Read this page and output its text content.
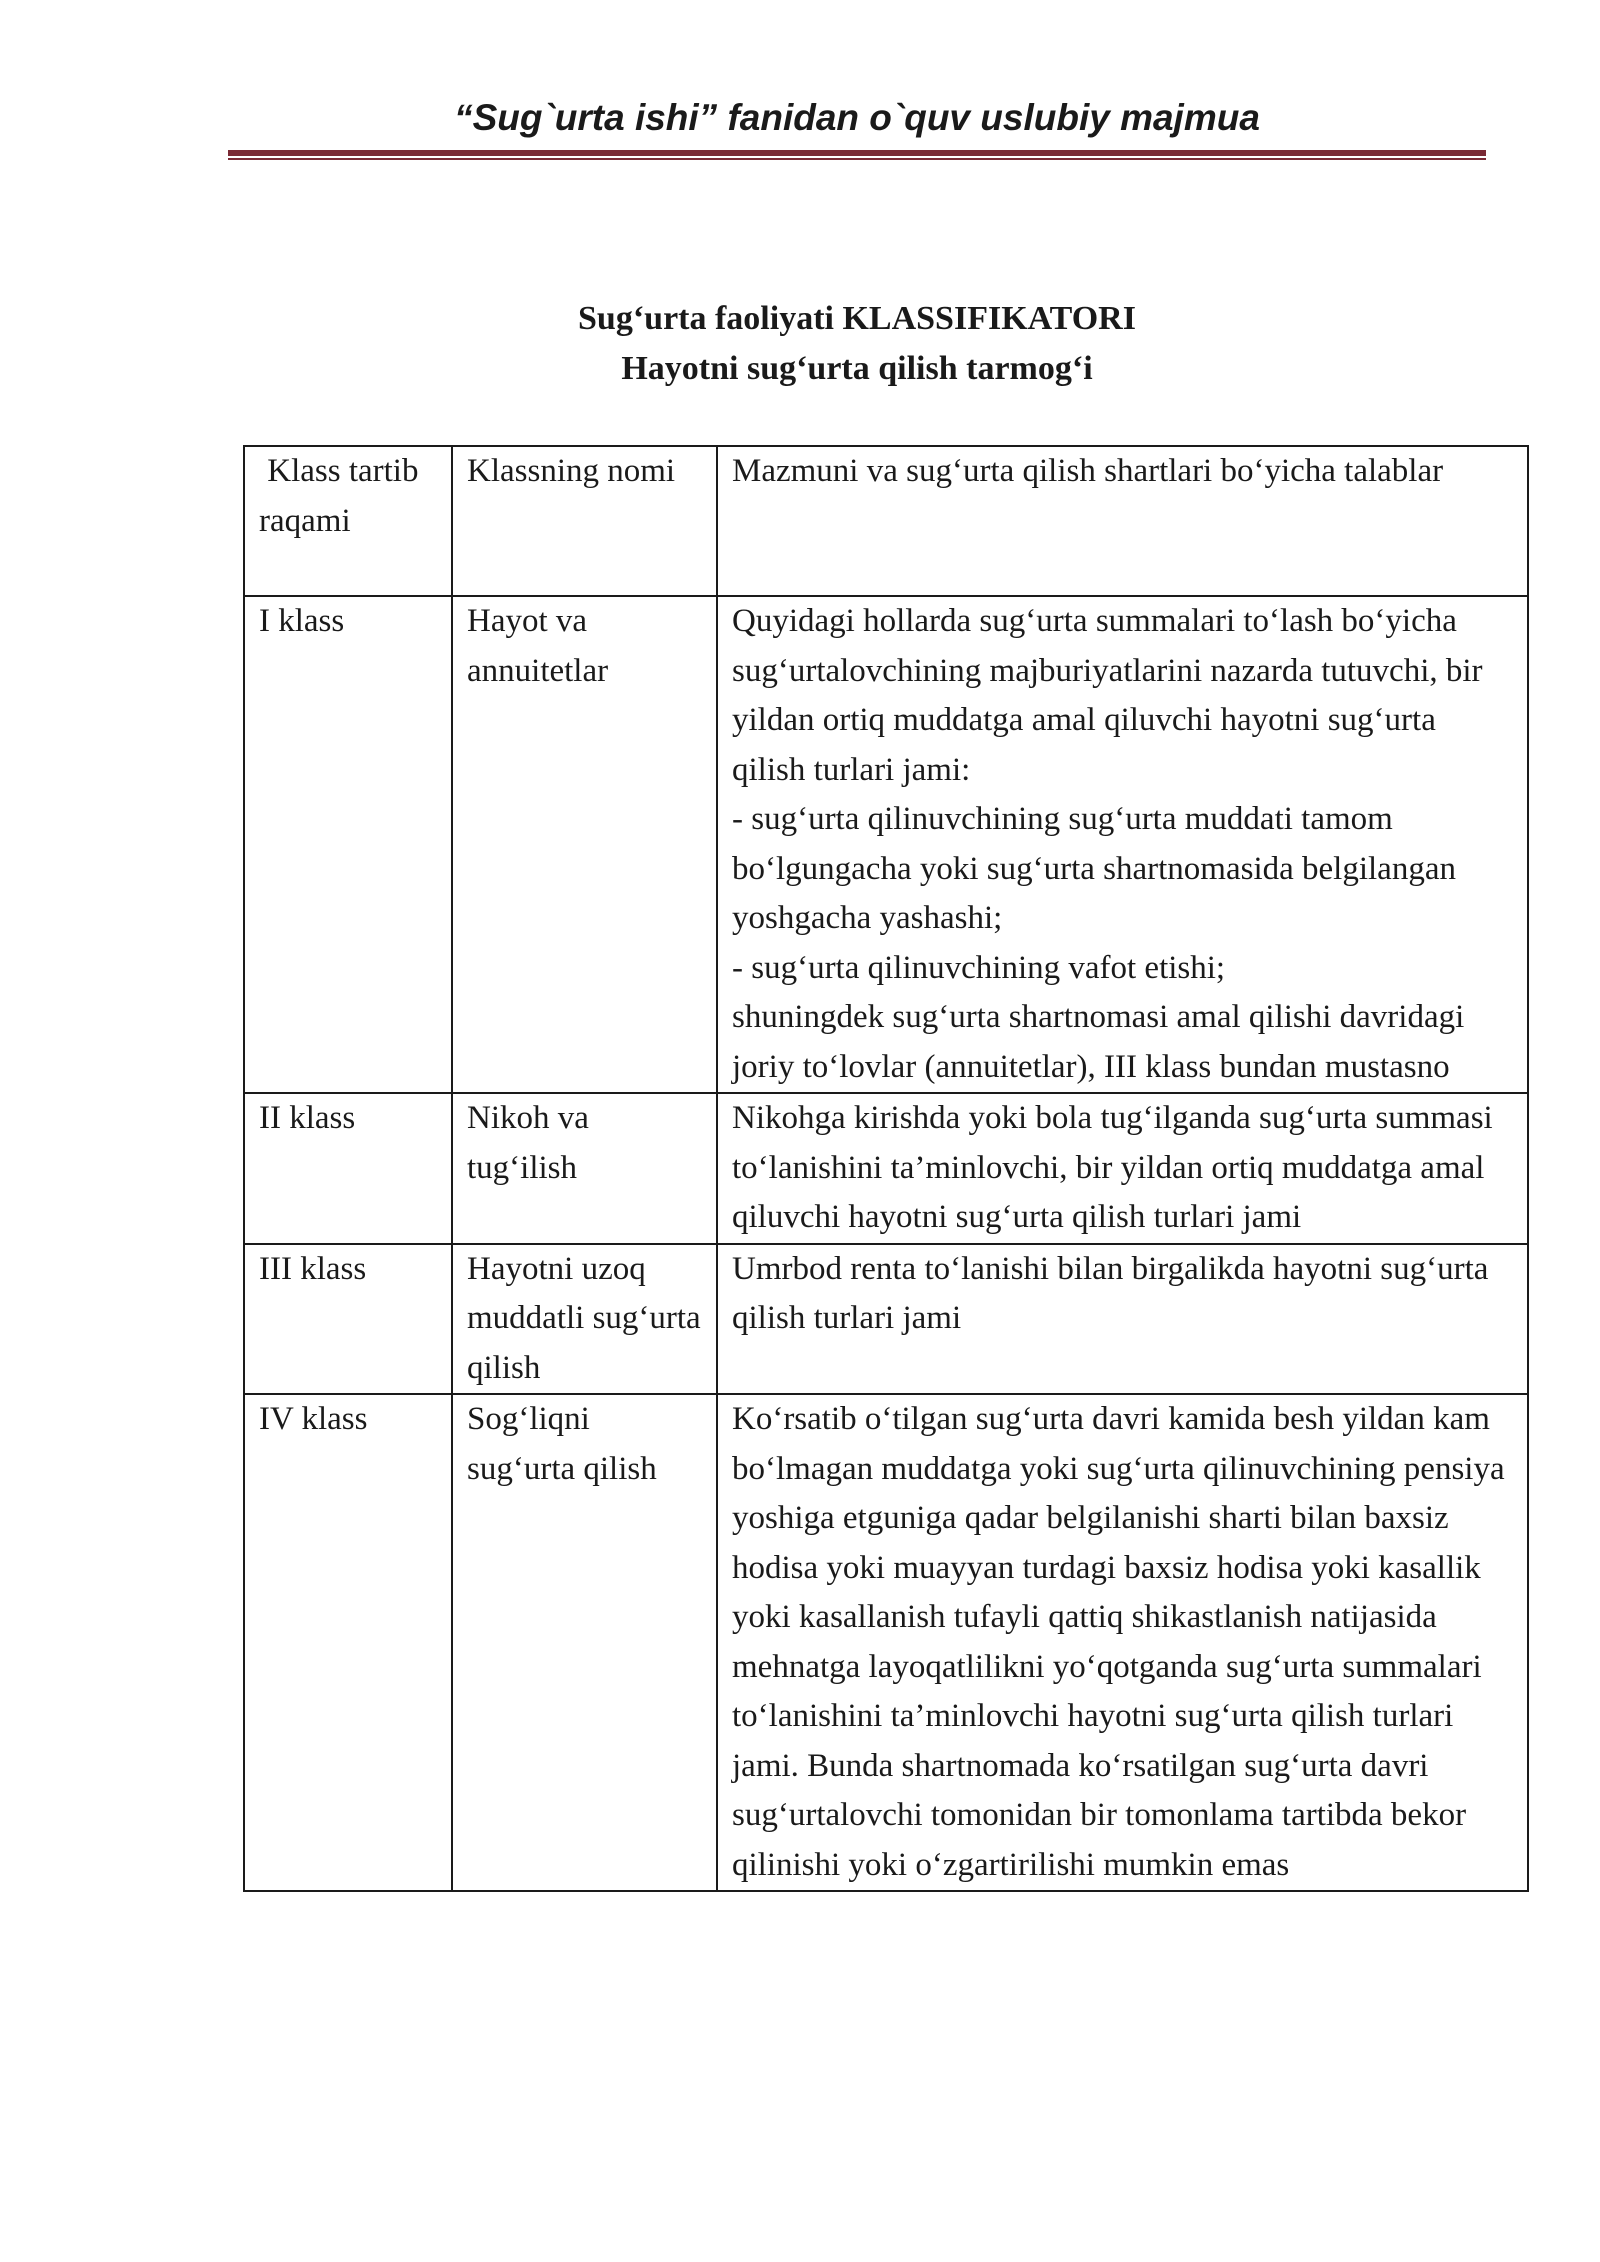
“Sug`urta ishi” fanidan o`quv uslubiy majmua
Sug‘urta faoliyati KLASSIFIKATORI
Hayotni sug‘urta qilish tarmog‘i
Klass tartib raqami	Klassning nomi	Mazmuni va sug‘urta qilish shartlari bo‘yicha talablar
I klass	Hayot va annuitetlar	Quyidagi hollarda sug‘urta summalari to‘lash bo‘yicha sug‘urtalovchining majburiyatlarini nazarda tutuvchi, bir yildan ortiq muddatga amal qiluvchi hayotni sug‘urta qilish turlari jami:
- sug‘urta qilinuvchining sug‘urta muddati tamom bo‘lgungacha yoki sug‘urta shartnomasida belgilangan yoshgacha yashashi;
- sug‘urta qilinuvchining vafot etishi;
shuningdek sug‘urta shartnomasi amal qilishi davridagi joriy to‘lovlar (annuitetlar), III klass bundan mustasno

II klass	Nikoh va tug‘ilish	Nikohga kirishda yoki bola tug‘ilganda sug‘urta summasi to‘lanishini ta’minlovchi, bir yildan ortiq muddatga amal qiluvchi hayotni sug‘urta qilish turlari jami

III klass	Hayotni uzoq muddatli sug‘urta qilish	Umrbod renta to‘lanishi bilan birgalikda hayotni sug‘urta qilish turlari jami

IV klass	Sog‘liqni sug‘urta qilish	Ko‘rsatib o‘tilgan sug‘urta davri kamida besh yildan kam bo‘lmagan muddatga yoki sug‘urta qilinuvchining pensiya yoshiga etguniga qadar belgilanishi sharti bilan baxsiz hodisa yoki muayyan turdagi baxsiz hodisa yoki kasallik yoki kasallanish tufayli qattiq shikastlanish natijasida mehnatga layoqatlilikni yo‘qotganda sug‘urta summalari to‘lanishini ta’minlovchi hayotni sug‘urta qilish turlari jami. Bunda shartnomada ko‘rsatilgan sug‘urta davri sug‘urtalovchi tomonidan bir tomonlama tartibda bekor qilinishi yoki o‘zgartirilishi mumkin emas
